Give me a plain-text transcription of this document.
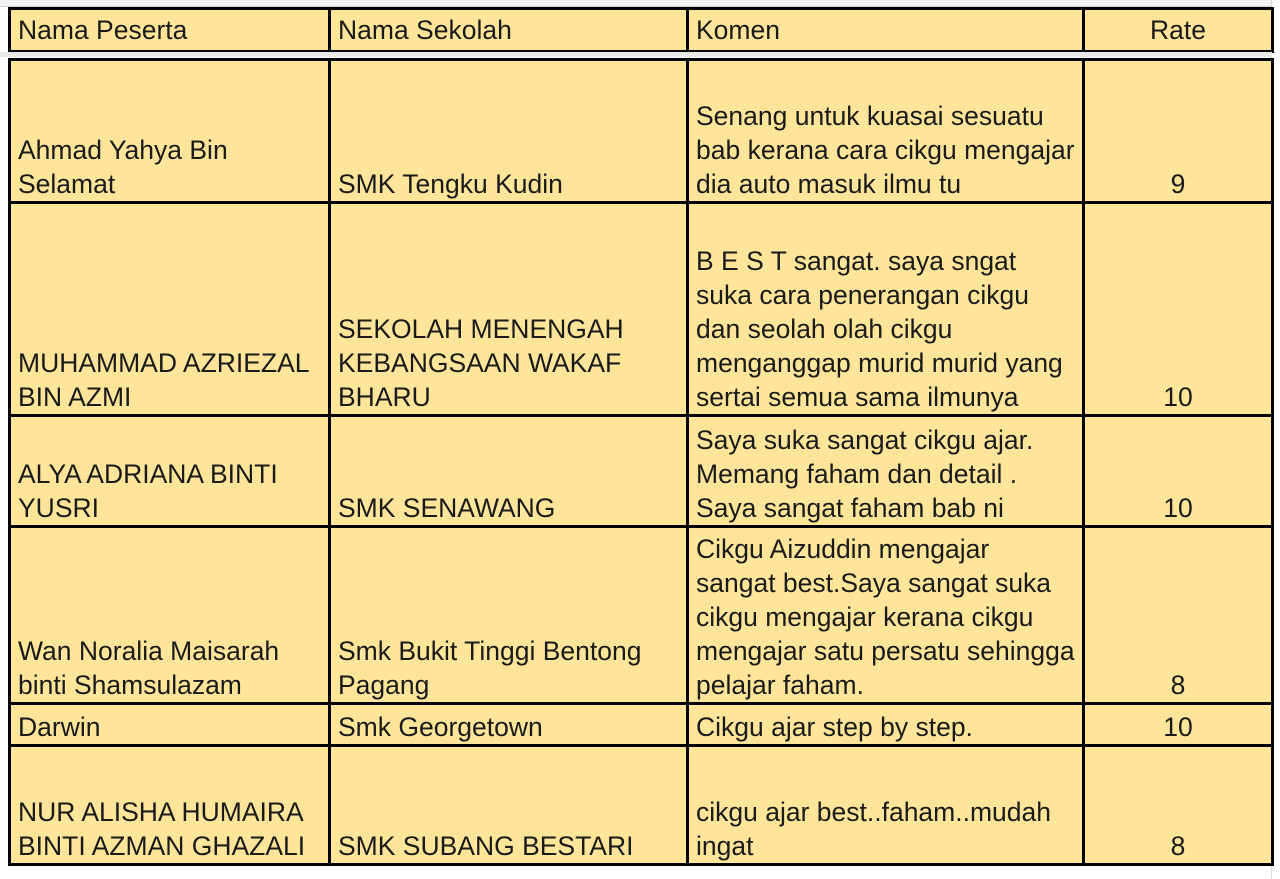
Nama Peserta	Nama Sekolah	Komen	Rate
Ahmad Yahya Bin Selamat	SMK Tengku Kudin	Senang untuk kuasai sesuatu bab kerana cara cikgu mengajar dia auto masuk ilmu tu	9

MUHAMMAD AZRIEZAL BIN AZMI	SEKOLAH MENENGAH KEBANGSAAN WAKAF BHARU	B E S T sangat. saya sngat suka cara penerangan cikgu dan seolah olah cikgu menganggap murid murid yang sertai semua sama ilmunya	10

ALYA ADRIANA BINTI YUSRI	SMK SENAWANG	Saya suka sangat cikgu ajar. Memang faham dan detail . Saya sangat faham bab ni	10

Wan Noralia Maisarah binti Shamsulazam	Smk Bukit Tinggi Bentong Pagang	Cikgu Aizuddin mengajar sangat best.Saya sangat suka cikgu mengajar kerana cikgu mengajar satu persatu sehingga pelajar faham.	8

Darwin	Smk Georgetown	Cikgu ajar step by step.	10

NUR ALISHA HUMAIRA BINTI AZMAN GHAZALI	SMK SUBANG BESTARI	cikgu ajar best..faham..mudah ingat	8
